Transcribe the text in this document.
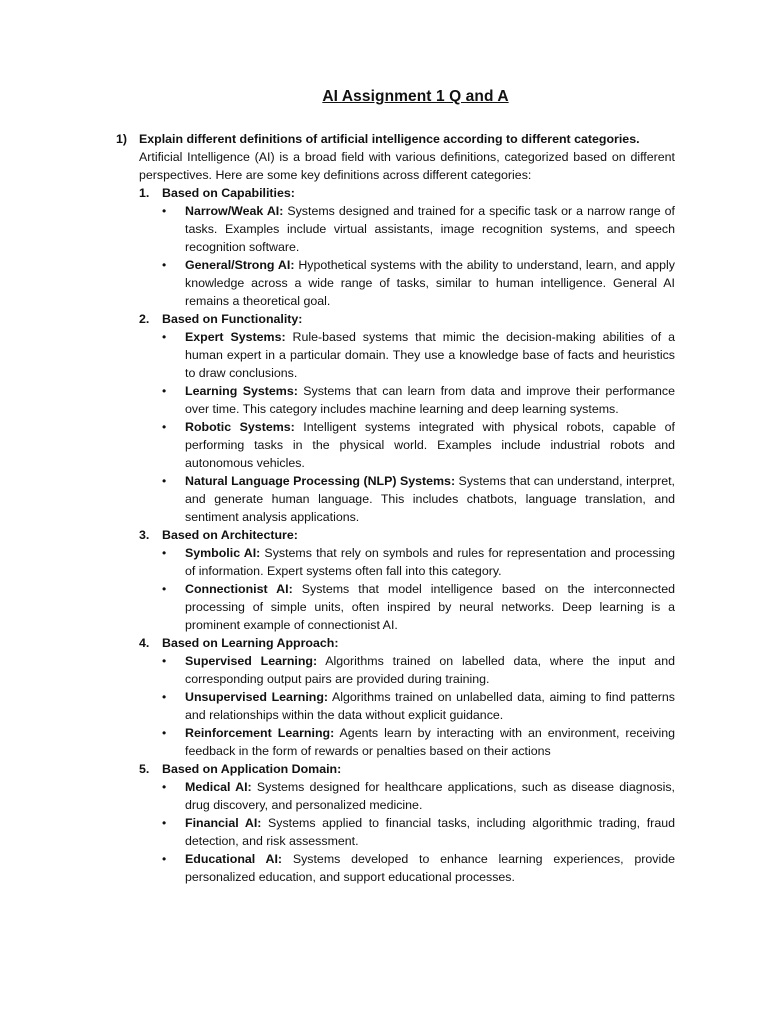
AI Assignment 1 Q and A
1) Explain different definitions of artificial intelligence according to different categories.
Artificial Intelligence (AI) is a broad field with various definitions, categorized based on different perspectives. Here are some key definitions across different categories:
1.	Based on Capabilities:
•	Narrow/Weak AI: Systems designed and trained for a specific task or a narrow range of tasks. Examples include virtual assistants, image recognition systems, and speech recognition software.
•	General/Strong AI: Hypothetical systems with the ability to understand, learn, and apply knowledge across a wide range of tasks, similar to human intelligence. General AI remains a theoretical goal.
2.	Based on Functionality:
•	Expert Systems: Rule-based systems that mimic the decision-making abilities of a human expert in a particular domain. They use a knowledge base of facts and heuristics to draw conclusions.
•	Learning Systems: Systems that can learn from data and improve their performance over time. This category includes machine learning and deep learning systems.
•	Robotic Systems: Intelligent systems integrated with physical robots, capable of performing tasks in the physical world. Examples include industrial robots and autonomous vehicles.
•	Natural Language Processing (NLP) Systems: Systems that can understand, interpret, and generate human language. This includes chatbots, language translation, and sentiment analysis applications.
3.	Based on Architecture:
•	Symbolic AI: Systems that rely on symbols and rules for representation and processing of information. Expert systems often fall into this category.
•	Connectionist AI: Systems that model intelligence based on the interconnected processing of simple units, often inspired by neural networks. Deep learning is a prominent example of connectionist AI.
4.	Based on Learning Approach:
•	Supervised Learning: Algorithms trained on labelled data, where the input and corresponding output pairs are provided during training.
•	Unsupervised Learning: Algorithms trained on unlabelled data, aiming to find patterns and relationships within the data without explicit guidance.
•	Reinforcement Learning: Agents learn by interacting with an environment, receiving feedback in the form of rewards or penalties based on their actions
5.	Based on Application Domain:
•	Medical AI: Systems designed for healthcare applications, such as disease diagnosis, drug discovery, and personalized medicine.
•	Financial AI: Systems applied to financial tasks, including algorithmic trading, fraud detection, and risk assessment.
•	Educational AI: Systems developed to enhance learning experiences, provide personalized education, and support educational processes.
